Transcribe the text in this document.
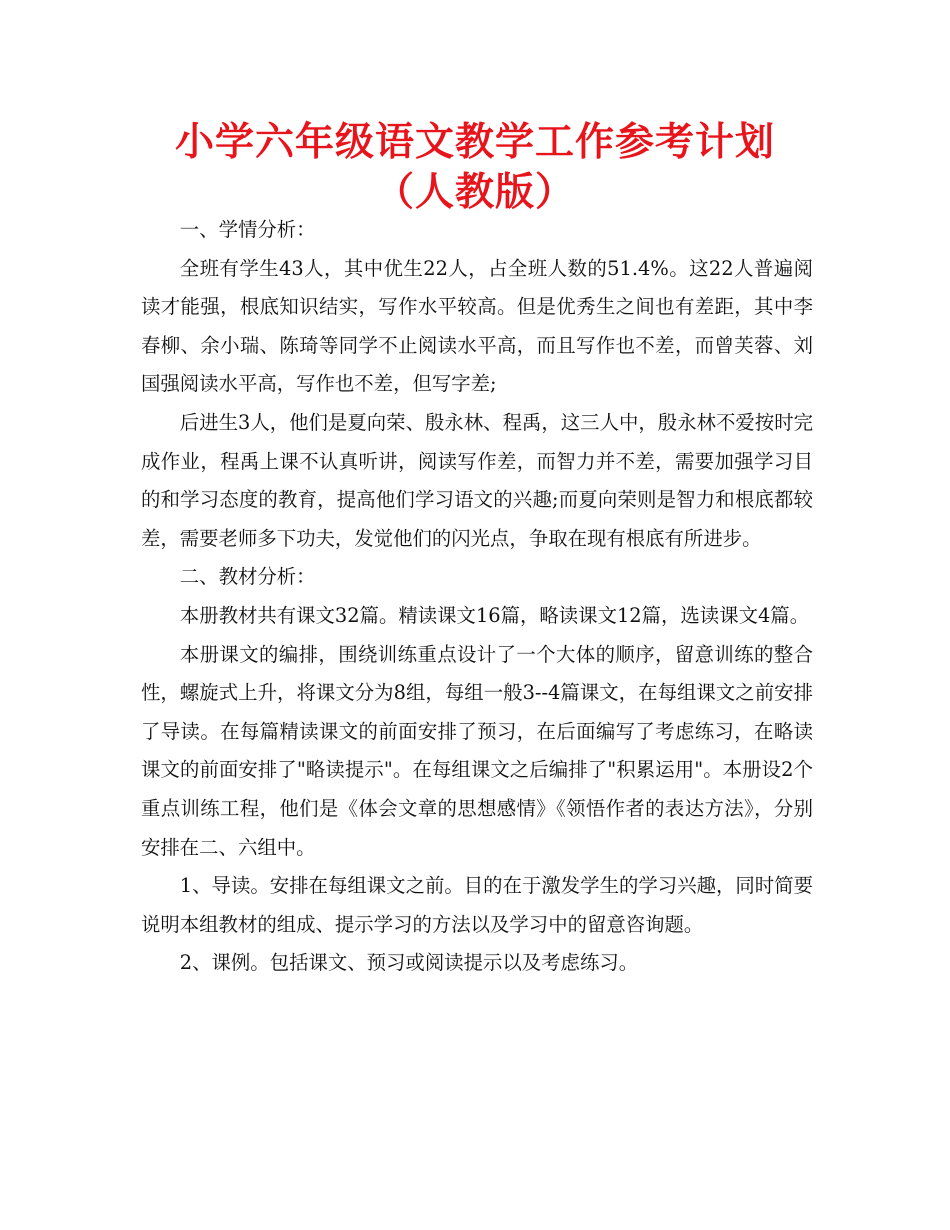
小学六年级语文教学工作参考计划（人教版）

一、学情分析：

全班有学生43人，其中优生22人，占全班人数的51.4%。这22人普遍阅读才能强，根底知识结实，写作水平较高。但是优秀生之间也有差距，其中李春柳、余小瑞、陈琦等同学不止阅读水平高，而且写作也不差，而曾芙蓉、刘国强阅读水平高，写作也不差，但写字差;

后进生3人，他们是夏向荣、殷永林、程禹，这三人中，殷永林不爱按时完成作业，程禹上课不认真听讲，阅读写作差，而智力并不差，需要加强学习目的和学习态度的教育，提高他们学习语文的兴趣;而夏向荣则是智力和根底都较差，需要老师多下功夫，发觉他们的闪光点，争取在现有根底有所进步。

二、教材分析：

本册教材共有课文32篇。精读课文16篇，略读课文12篇，选读课文4篇。

本册课文的编排，围绕训练重点设计了一个大体的顺序，留意训练的整合性，螺旋式上升，将课文分为8组，每组一般3--4篇课文，在每组课文之前安排了导读。在每篇精读课文的前面安排了预习，在后面编写了考虑练习，在略读课文的前面安排了"略读提示"。在每组课文之后编排了"积累运用"。本册设2个重点训练工程，他们是《体会文章的思想感情》《领悟作者的表达方法》，分别安排在二、六组中。

1、导读。安排在每组课文之前。目的在于激发学生的学习兴趣，同时简要说明本组教材的组成、提示学习的方法以及学习中的留意咨询题。

2、课例。包括课文、预习或阅读提示以及考虑练习。
